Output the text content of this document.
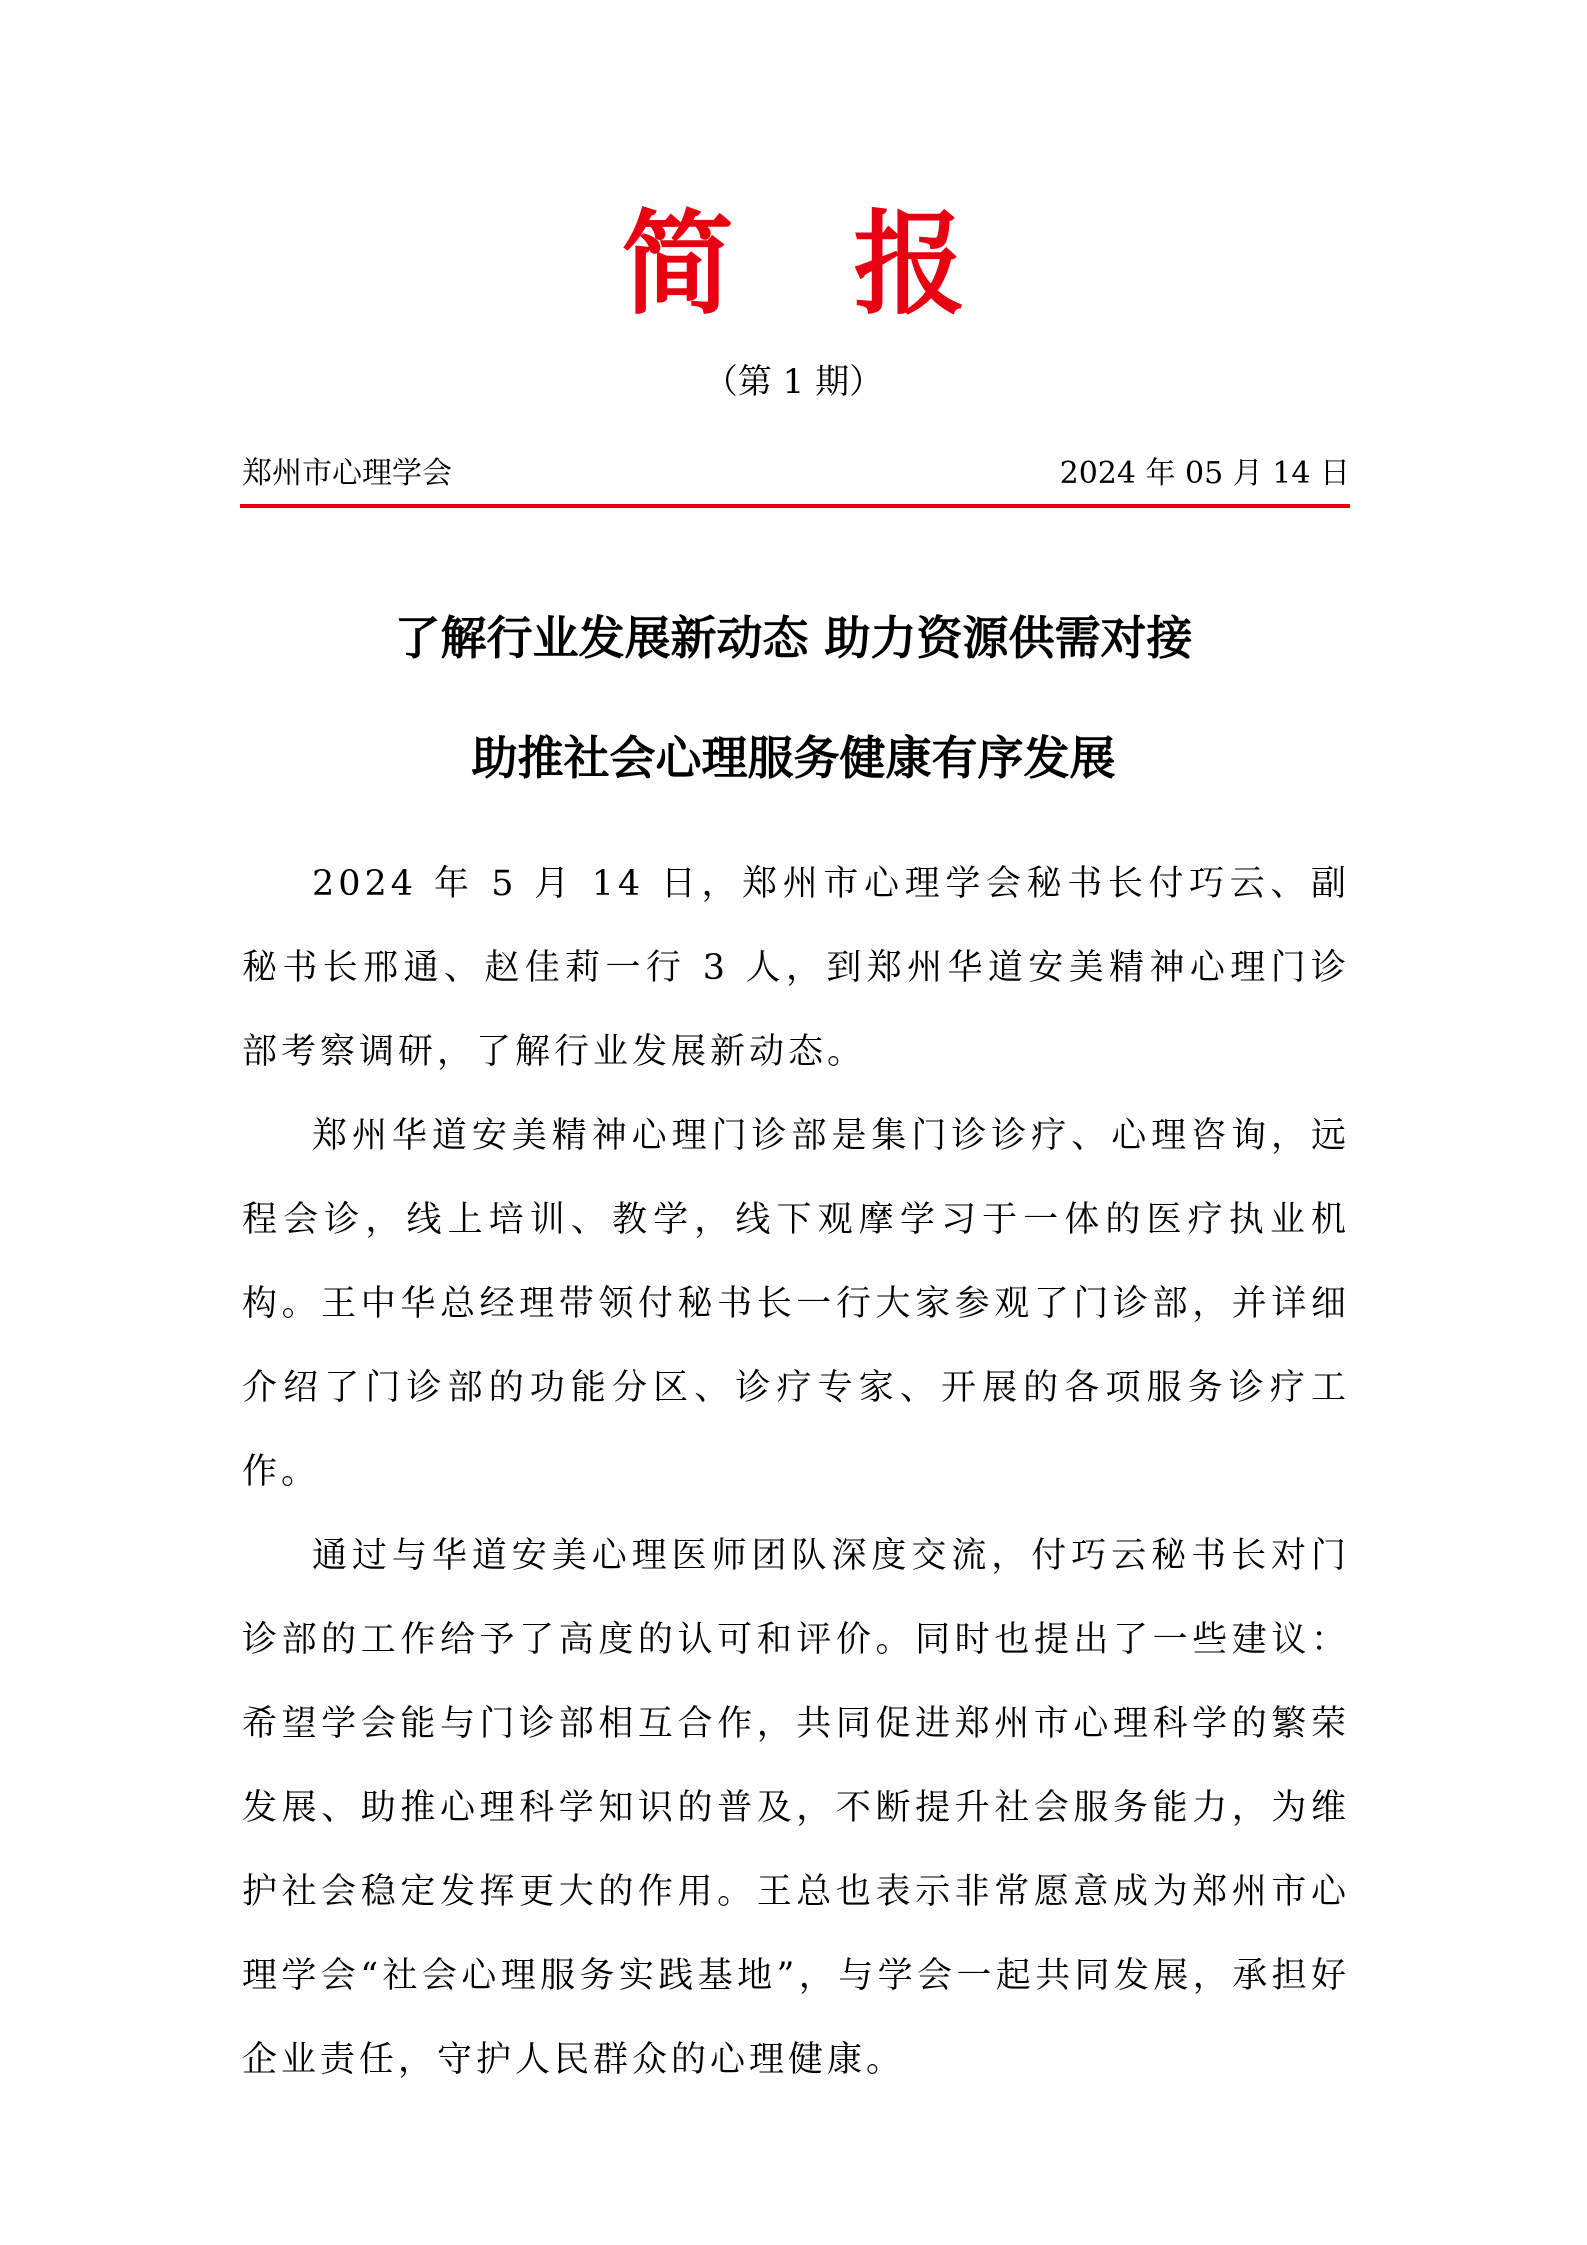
简报
（第 1 期）
郑州市心理学会	2024 年 05 月 14 日
了解行业发展新动态 助力资源供需对接
助推社会心理服务健康有序发展

2024 年 5 月 14 日，郑州市心理学会秘书长付巧云、副秘书长邢通、赵佳莉一行 3 人，到郑州华道安美精神心理门诊部考察调研，了解行业发展新动态。

郑州华道安美精神心理门诊部是集门诊诊疗、心理咨询，远程会诊，线上培训、教学，线下观摩学习于一体的医疗执业机构。王中华总经理带领付秘书长一行大家参观了门诊部，并详细介绍了门诊部的功能分区、诊疗专家、开展的各项服务诊疗工作。

通过与华道安美心理医师团队深度交流，付巧云秘书长对门诊部的工作给予了高度的认可和评价。同时也提出了一些建议：希望学会能与门诊部相互合作，共同促进郑州市心理科学的繁荣发展、助推心理科学知识的普及，不断提升社会服务能力，为维护社会稳定发挥更大的作用。王总也表示非常愿意成为郑州市心理学会“社会心理服务实践基地”，与学会一起共同发展，承担好企业责任，守护人民群众的心理健康。
